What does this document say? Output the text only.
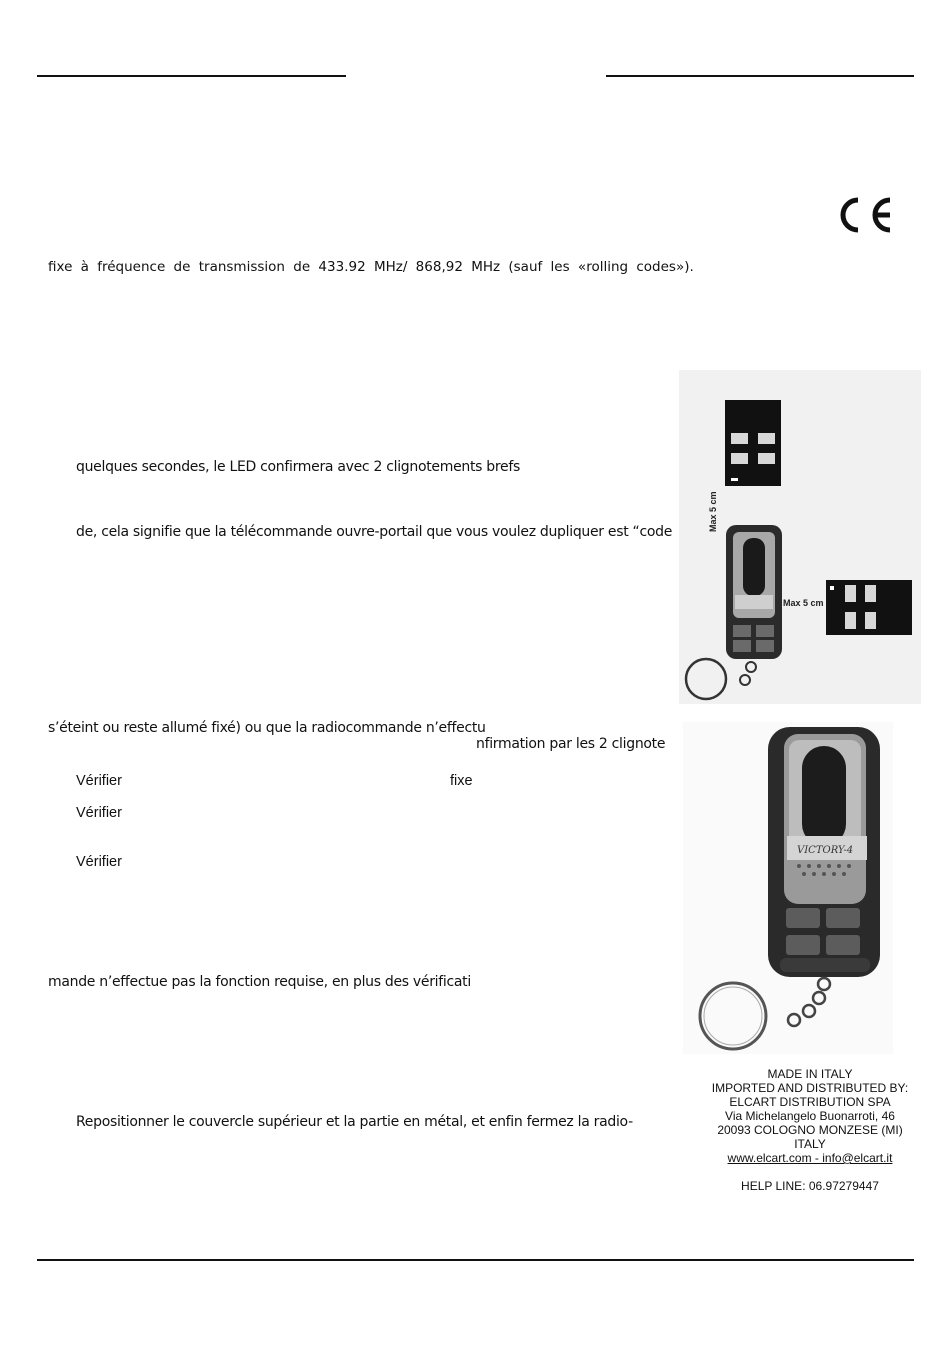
fixe à fréquence de transmission de 433.92 MHz/ 868,92 MHz (sauf les «rolling codes»).
quelques secondes, le LED confirmera avec 2 clignotements brefs
de, cela signifie que la télécommande ouvre-portail que vous voulez dupliquer est “code
s’éteint ou reste allumé fixé) ou que la radiocommande n’effectu
nfirmation par les 2 clignote
Vérifier	fixe
Vérifier
Vérifier
mande n’effectue pas la fonction requise, en plus des vérificati
Repositionner le couvercle supérieur et la partie en métal, et enfin fermez la radio-
Max 5 cm
Max 5 cm
VICTORY-4
MADE IN ITALY
IMPORTED AND DISTRIBUTED BY:
ELCART DISTRIBUTION SPA
Via Michelangelo Buonarroti, 46
20093 COLOGNO MONZESE (MI)
ITALY
www.elcart.com - info@elcart.it
HELP LINE: 06.97279447
